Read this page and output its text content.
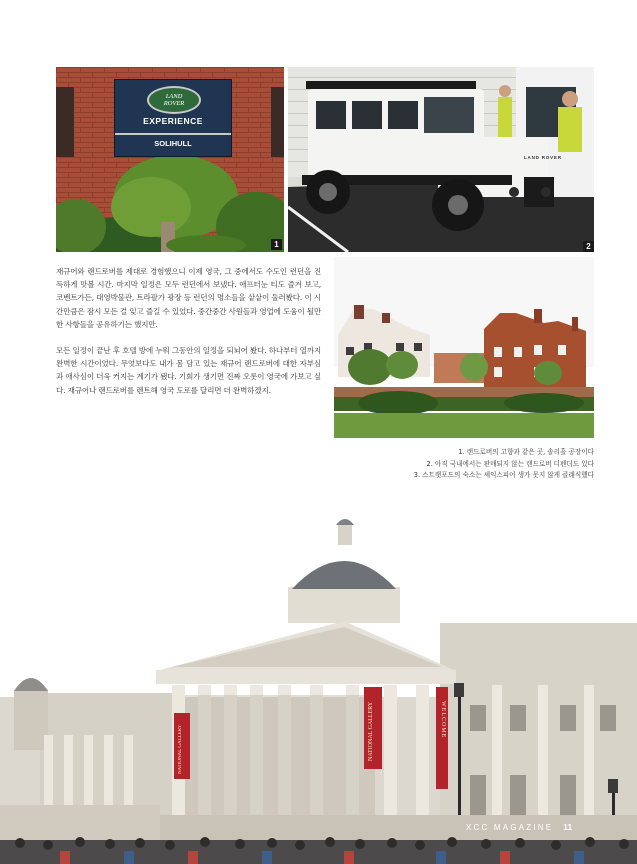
LAND
ROVER
EXPERIENCE
SOLIHULL
1
LAND ROVER
2

재규어와 랜드로버를 제대로 경험했으니 이제 영국, 그 중에서도 수도인 런던을 진득하게 맛볼 시간. 마지막 일정은 모두 런던에서 보냈다. 애프터눈 티도 즐겨 보고, 코벤트가든, 대영박물관, 트라팔가 광장 등 런던의 명소들을 샅샅이 둘러봤다. 이 시간만큼은 잠시 모든 걸 잊고 즐길 수 있었다. 중간중간 사원들과 영업에 도움이 될만한 사항들을 공유하기는 했지만.

모든 일정이 끝난 후 호텔 방에 누워 그동안의 일정을 되뇌어 봤다. 하나부터 열까지 완벽한 시간이었다. 무엇보다도 내가 몸 담고 있는 재규어 랜드로버에 대한 자부심과 애사심이 더욱 커지는 계기가 됐다. 기회가 생기면 진짜 오롯이 영국에 가보고 싶다. 재규어나 랜드로버를 렌트해 영국 도로를 달리면 더 완벽하겠지.

1. 랜드로버의 고향과 같은 곳, 솔리흘 공장이다
2. 아직 국내에서는 판매되지 않는 랜드로버 디펜더도 있다
3. 스트랫포드의 숙소는 셰익스피어 생가 못지 않게 클래식했다
NATIONAL GALLERY	NATIONAL GALLERY	WELCOME
XCC MAGAZINE 11
